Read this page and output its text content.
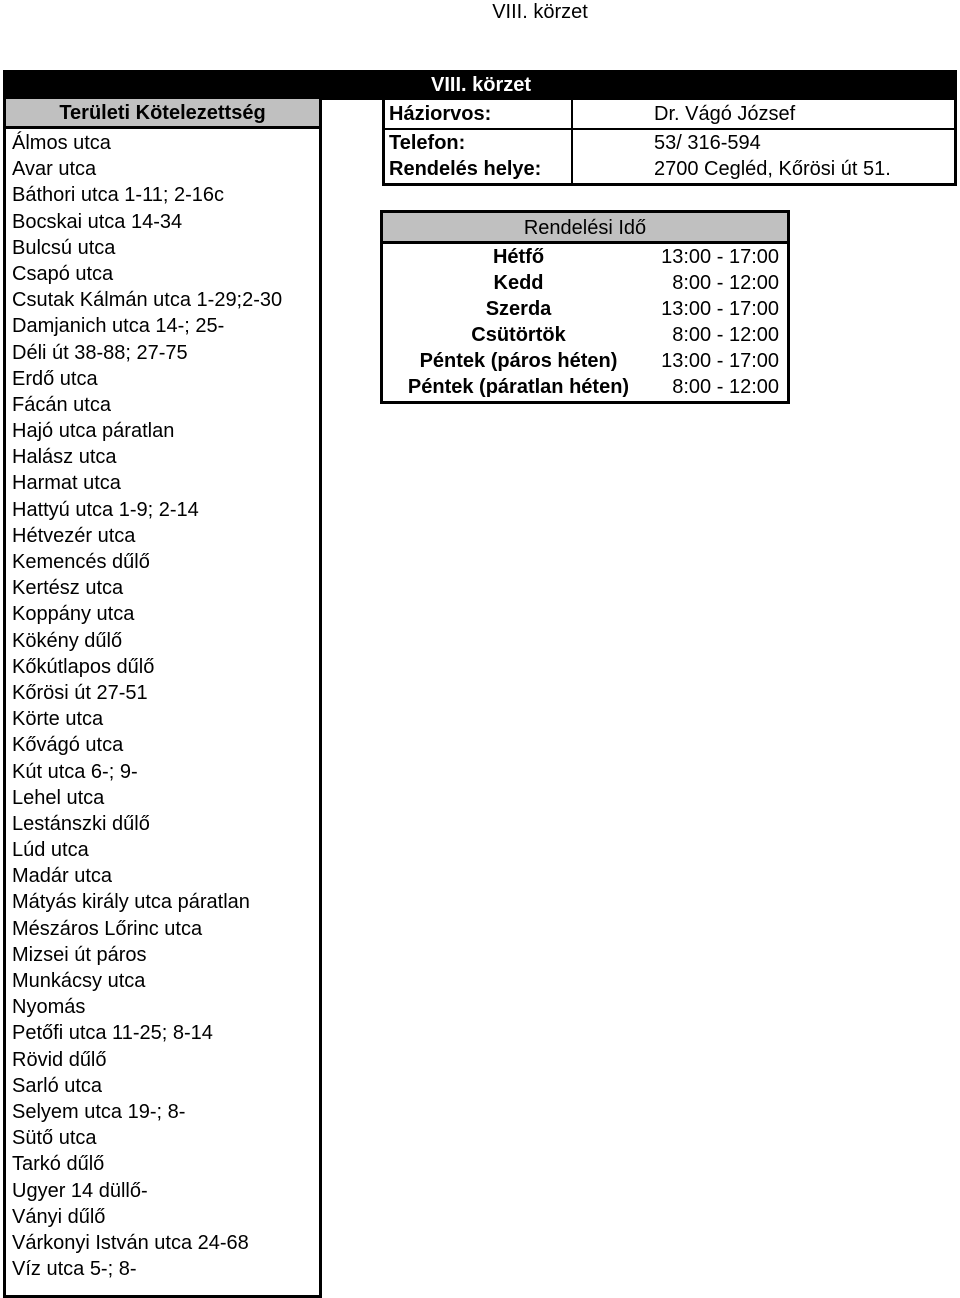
VIII. körzet
VIII. körzet
Területi Kötelezettség
Álmos utca
Avar utca
Báthori utca 1-11; 2-16c
Bocskai utca 14-34
Bulcsú utca
Csapó utca
Csutak Kálmán utca 1-29;2-30
Damjanich utca 14-; 25-
Déli út 38-88; 27-75
Erdő utca
Fácán utca
Hajó utca páratlan
Halász utca
Harmat utca
Hattyú utca 1-9; 2-14
Hétvezér utca
Kemencés dűlő
Kertész utca
Koppány utca
Kökény dűlő
Kőkútlapos dűlő
Kőrösi út 27-51
Körte utca
Kővágó utca
Kút utca 6-; 9-
Lehel utca
Lestánszki dűlő
Lúd utca
Madár utca
Mátyás király utca páratlan
Mészáros Lőrinc utca
Mizsei út páros
Munkácsy utca
Nyomás
Petőfi utca 11-25; 8-14
Rövid dűlő
Sarló utca
Selyem utca 19-; 8-
Sütő utca
Tarkó dűlő
Ugyer 14 düllő-
Ványi dűlő
Várkonyi István utca 24-68
Víz utca 5-; 8-
Háziorvos:	Dr. Vágó József
Telefon:	53/ 316-594
Rendelés helye:	2700 Cegléd, Kőrösi út 51.
Rendelési Idő
Hétfő	13:00 - 17:00
Kedd	8:00 - 12:00
Szerda	13:00 - 17:00
Csütörtök	8:00 - 12:00
Péntek (páros héten)	13:00 - 17:00
Péntek (páratlan héten)	8:00 - 12:00
